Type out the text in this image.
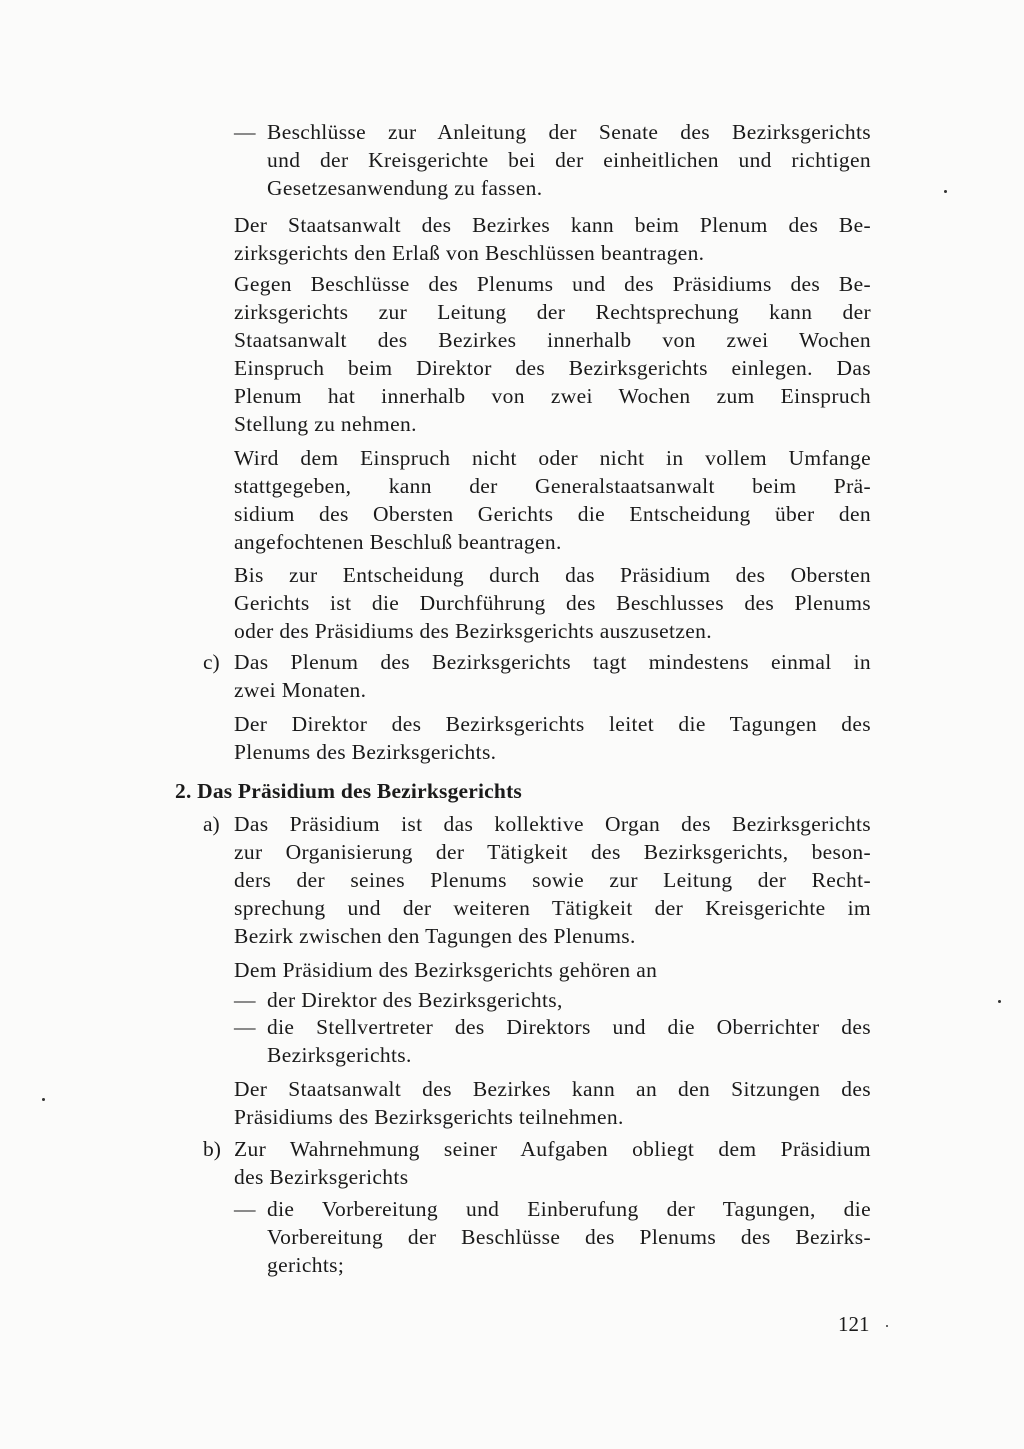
— Beschlüsse zur Anleitung der Senate des Bezirksgerichts
und der Kreisgerichte bei der einheitlichen und richtigen
Gesetzesanwendung zu fassen.
Der Staatsanwalt des Bezirkes kann beim Plenum des Be-
zirksgerichts den Erlaß von Beschlüssen beantragen.
Gegen Beschlüsse des Plenums und des Präsidiums des Be-
zirksgerichts zur Leitung der Rechtsprechung kann der
Staatsanwalt des Bezirkes innerhalb von zwei Wochen
Einspruch beim Direktor des Bezirksgerichts einlegen. Das
Plenum hat innerhalb von zwei Wochen zum Einspruch
Stellung zu nehmen.
Wird dem Einspruch nicht oder nicht in vollem Umfange
stattgegeben, kann der Generalstaatsanwalt beim Prä-
sidium des Obersten Gerichts die Entscheidung über den
angefochtenen Beschluß beantragen.
Bis zur Entscheidung durch das Präsidium des Obersten
Gerichts ist die Durchführung des Beschlusses des Plenums
oder des Präsidiums des Bezirksgerichts auszusetzen.
c) Das Plenum des Bezirksgerichts tagt mindestens einmal in
zwei Monaten.
Der Direktor des Bezirksgerichts leitet die Tagungen des
Plenums des Bezirksgerichts.
2. Das Präsidium des Bezirksgerichts
a) Das Präsidium ist das kollektive Organ des Bezirksgerichts
zur Organisierung der Tätigkeit des Bezirksgerichts, beson-
ders der seines Plenums sowie zur Leitung der Recht-
sprechung und der weiteren Tätigkeit der Kreisgerichte im
Bezirk zwischen den Tagungen des Plenums.
Dem Präsidium des Bezirksgerichts gehören an
— der Direktor des Bezirksgerichts,
— die Stellvertreter des Direktors und die Oberrichter des
Bezirksgerichts.
Der Staatsanwalt des Bezirkes kann an den Sitzungen des
Präsidiums des Bezirksgerichts teilnehmen.
b) Zur Wahrnehmung seiner Aufgaben obliegt dem Präsidium
des Bezirksgerichts
— die Vorbereitung und Einberufung der Tagungen, die
Vorbereitung der Beschlüsse des Plenums des Bezirks-
gerichts;
121
